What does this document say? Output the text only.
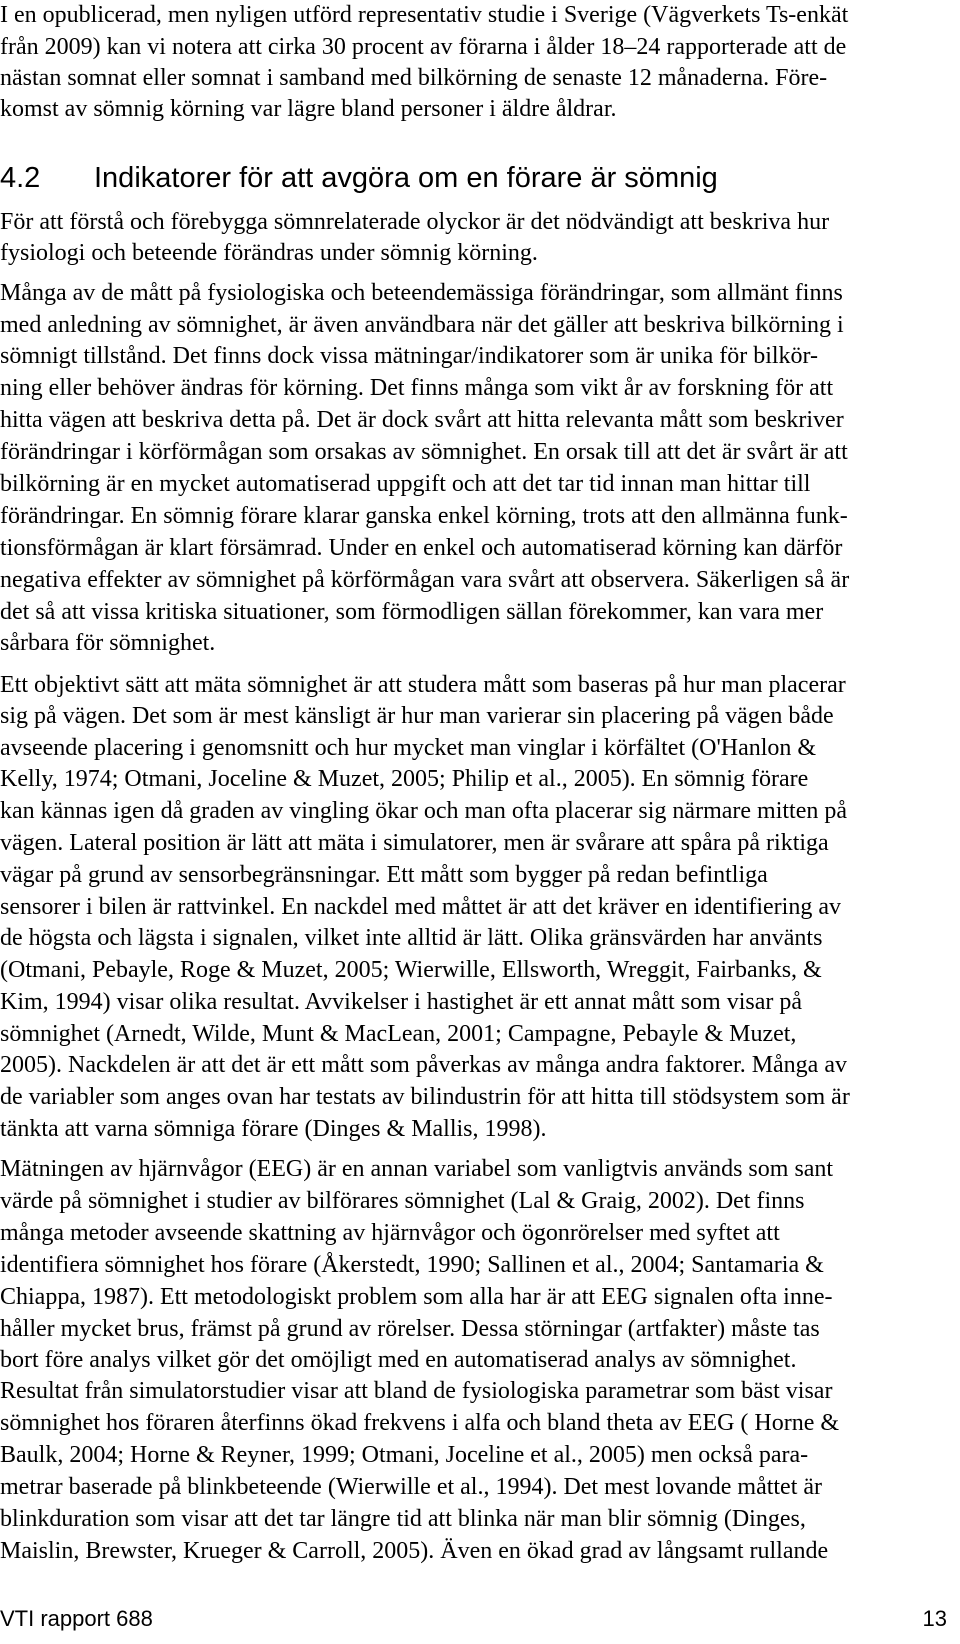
I en opublicerad, men nyligen utförd representativ studie i Sverige (Vägverkets Ts-enkät
från 2009) kan vi notera att cirka 30 procent av förarna i ålder 18–24 rapporterade att de
nästan somnat eller somnat i samband med bilkörning de senaste 12 månaderna. Före-
komst av sömnig körning var lägre bland personer i äldre åldrar.
4.2 Indikatorer för att avgöra om en förare är sömnig
För att förstå och förebygga sömnrelaterade olyckor är det nödvändigt att beskriva hur
fysiologi och beteende förändras under sömnig körning.
Många av de mått på fysiologiska och beteendemässiga förändringar, som allmänt finns
med anledning av sömnighet, är även användbara när det gäller att beskriva bilkörning i
sömnigt tillstånd. Det finns dock vissa mätningar/indikatorer som är unika för bilkör-
ning eller behöver ändras för körning. Det finns många som vikt år av forskning för att
hitta vägen att beskriva detta på. Det är dock svårt att hitta relevanta mått som beskriver
förändringar i körförmågan som orsakas av sömnighet. En orsak till att det är svårt är att
bilkörning är en mycket automatiserad uppgift och att det tar tid innan man hittar till
förändringar. En sömnig förare klarar ganska enkel körning, trots att den allmänna funk-
tionsförmågan är klart försämrad. Under en enkel och automatiserad körning kan därför
negativa effekter av sömnighet på körförmågan vara svårt att observera. Säkerligen så är
det så att vissa kritiska situationer, som förmodligen sällan förekommer, kan vara mer
sårbara för sömnighet.
Ett objektivt sätt att mäta sömnighet är att studera mått som baseras på hur man placerar
sig på vägen. Det som är mest känsligt är hur man varierar sin placering på vägen både
avseende placering i genomsnitt och hur mycket man vinglar i körfältet (O'Hanlon &
Kelly, 1974; Otmani, Joceline & Muzet, 2005; Philip et al., 2005). En sömnig förare
kan kännas igen då graden av vingling ökar och man ofta placerar sig närmare mitten på
vägen. Lateral position är lätt att mäta i simulatorer, men är svårare att spåra på riktiga
vägar på grund av sensorbegränsningar. Ett mått som bygger på redan befintliga
sensorer i bilen är rattvinkel. En nackdel med måttet är att det kräver en identifiering av
de högsta och lägsta i signalen, vilket inte alltid är lätt. Olika gränsvärden har använts
(Otmani, Pebayle, Roge & Muzet, 2005; Wierwille, Ellsworth, Wreggit, Fairbanks, &
Kim, 1994) visar olika resultat. Avvikelser i hastighet är ett annat mått som visar på
sömnighet (Arnedt, Wilde, Munt & MacLean, 2001; Campagne, Pebayle & Muzet,
2005). Nackdelen är att det är ett mått som påverkas av många andra faktorer. Många av
de variabler som anges ovan har testats av bilindustrin för att hitta till stödsystem som är
tänkta att varna sömniga förare (Dinges & Mallis, 1998).
Mätningen av hjärnvågor (EEG) är en annan variabel som vanligtvis används som sant
värde på sömnighet i studier av bilförares sömnighet (Lal & Graig, 2002). Det finns
många metoder avseende skattning av hjärnvågor och ögonrörelser med syftet att
identifiera sömnighet hos förare (Åkerstedt, 1990; Sallinen et al., 2004; Santamaria &
Chiappa, 1987). Ett metodologiskt problem som alla har är att EEG signalen ofta inne-
håller mycket brus, främst på grund av rörelser. Dessa störningar (artfakter) måste tas
bort före analys vilket gör det omöjligt med en automatiserad analys av sömnighet.
Resultat från simulatorstudier visar att bland de fysiologiska parametrar som bäst visar
sömnighet hos föraren återfinns ökad frekvens i alfa och bland theta av EEG ( Horne &
Baulk, 2004; Horne & Reyner, 1999; Otmani, Joceline et al., 2005) men också para-
metrar baserade på blinkbeteende (Wierwille et al., 1994). Det mest lovande måttet är
blinkduration som visar att det tar längre tid att blinka när man blir sömnig (Dinges,
Maislin, Brewster, Krueger & Carroll, 2005). Även en ökad grad av långsamt rullande
VTI rapport 688	13
